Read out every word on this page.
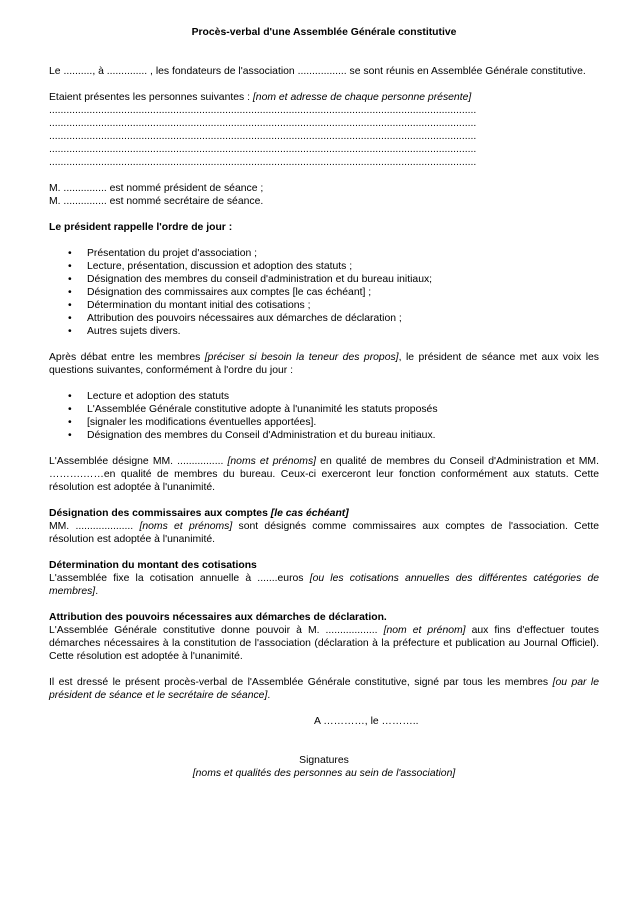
Procès-verbal d'une Assemblée Générale constitutive

Le .........., à .............. , les fondateurs de l'association ................. se sont réunis en Assemblée Générale constitutive.

Etaient présentes les personnes suivantes : [nom et adresse de chaque personne présente]

....................................................................................................................................................
....................................................................................................................................................
....................................................................................................................................................
....................................................................................................................................................
....................................................................................................................................................

M. ............... est nommé président de séance ;

M. ............... est nommé secrétaire de séance.

Le président rappelle l'ordre de jour :

• Présentation du projet d'association ;
• Lecture, présentation, discussion et adoption des statuts ;
• Désignation des membres du conseil d'administration et du bureau initiaux;
• Désignation des commissaires aux comptes [le cas échéant] ;
• Détermination du montant initial des cotisations ;
• Attribution des pouvoirs nécessaires aux démarches de déclaration ;
• Autres sujets divers.

Après débat entre les membres [préciser si besoin la teneur des propos], le président de séance met aux voix les questions suivantes, conformément à l'ordre du jour :

• Lecture et adoption des statuts
• L'Assemblée Générale constitutive adopte à l'unanimité les statuts proposés
• [signaler les modifications éventuelles apportées].
• Désignation des membres du Conseil d'Administration et du bureau initiaux.

L'Assemblée désigne MM. ................ [noms et prénoms] en qualité de membres du Conseil d'Administration et MM. ……….……en qualité de membres du bureau. Ceux-ci exerceront leur fonction conformément aux statuts. Cette résolution est adoptée à l'unanimité.

Désignation des commissaires aux comptes [le cas échéant]

MM. .................... [noms et prénoms] sont désignés comme commissaires aux comptes de l'association. Cette résolution est adoptée à l'unanimité.

Détermination du montant des cotisations

L'assemblée fixe la cotisation annuelle à .......euros [ou les cotisations annuelles des différentes catégories de membres].

Attribution des pouvoirs nécessaires aux démarches de déclaration.

L'Assemblée Générale constitutive donne pouvoir à M. .................. [nom et prénom] aux fins d'effectuer toutes démarches nécessaires à la constitution de l'association (déclaration à la préfecture et publication au Journal Officiel). Cette résolution est adoptée à l'unanimité.

Il est dressé le présent procès-verbal de l'Assemblée Générale constitutive, signé par tous les membres [ou par le président de séance et le secrétaire de séance].

A …………, le ………..

Signatures

[noms et qualités des personnes au sein de l'association]
